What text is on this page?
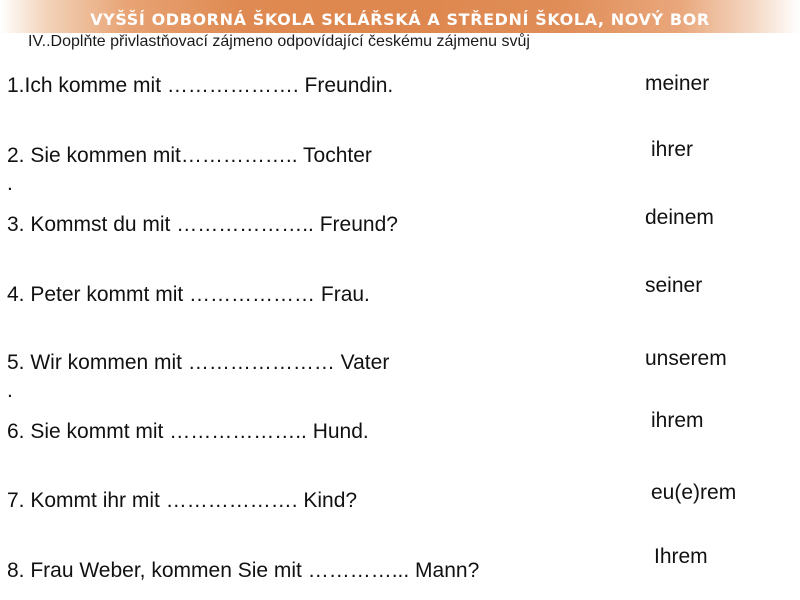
VYŠŠÍ ODBORNÁ ŠKOLA SKLÁŘSKÁ A STŘEDNÍ ŠKOLA, NOVÝ BOR
IV..Doplňte přivlastňovací zájmeno odpovídající českému zájmenu svůj
1.Ich komme mit ………………. Freundin.
2. Sie kommen mit…………….. Tochter
.
3. Kommst du mit ……………….. Freund?
4. Peter kommt mit ……………… Frau.
5. Wir kommen mit ………………… Vater
.
6. Sie kommt mit ……………….. Hund.
7. Kommt ihr mit ………………. Kind?
8. Frau Weber, kommen Sie mit …………... Mann?
meiner
ihrer
deinem
seiner
unserem
ihrem
eu(e)rem
Ihrem
